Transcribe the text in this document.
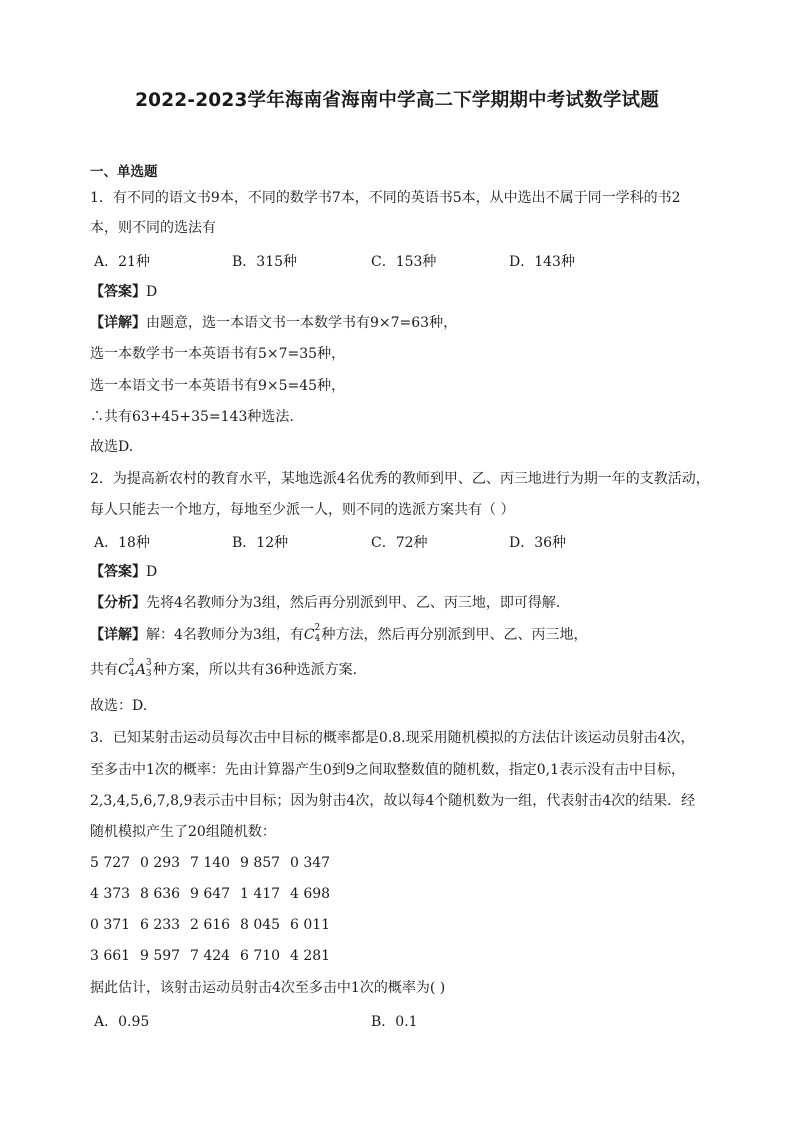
2022-2023学年海南省海南中学高二下学期期中考试数学试题
一、单选题
1．有不同的语文书9本，不同的数学书7本，不同的英语书5本，从中选出不属于同一学科的书2
本，则不同的选法有
A．21种	B．315种	C．153种	D．143种
【答案】D
【详解】由题意，选一本语文书一本数学书有9×7=63种，
选一本数学书一本英语书有5×7=35种，
选一本语文书一本英语书有9×5=45种，
∴共有63+45+35=143种选法.
故选D.
2．为提高新农村的教育水平，某地选派4名优秀的教师到甲、乙、丙三地进行为期一年的支教活动，
每人只能去一个地方，每地至少派一人，则不同的选派方案共有（ ）
A．18种	B．12种	C．72种	D．36种
【答案】D
【分析】先将4名教师分为3组，然后再分别派到甲、乙、丙三地，即可得解.
【详解】解：4名教师分为3组，有C 2
4 种方法，然后再分别派到甲、乙、丙三地，
共有C 2
4 A 3
3 种方案，所以共有36种选派方案.
故选：D.
3．已知某射击运动员每次击中目标的概率都是0.8.现采用随机模拟的方法估计该运动员射击4次，
至多击中1次的概率：先由计算器产生0到9之间取整数值的随机数，指定0,1表示没有击中目标，
2,3,4,5,6,7,8,9表示击中目标；因为射击4次，故以每4个随机数为一组，代表射击4次的结果．经
随机模拟产生了20组随机数：
5 727 0 293 7 140 9 857 0 347
4 373 8 636 9 647 1 417 4 698
0 371 6 233 2 616 8 045 6 011
3 661 9 597 7 424 6 710 4 281
据此估计，该射击运动员射击4次至多击中1次的概率为( )
A．0.95	B．0.1
